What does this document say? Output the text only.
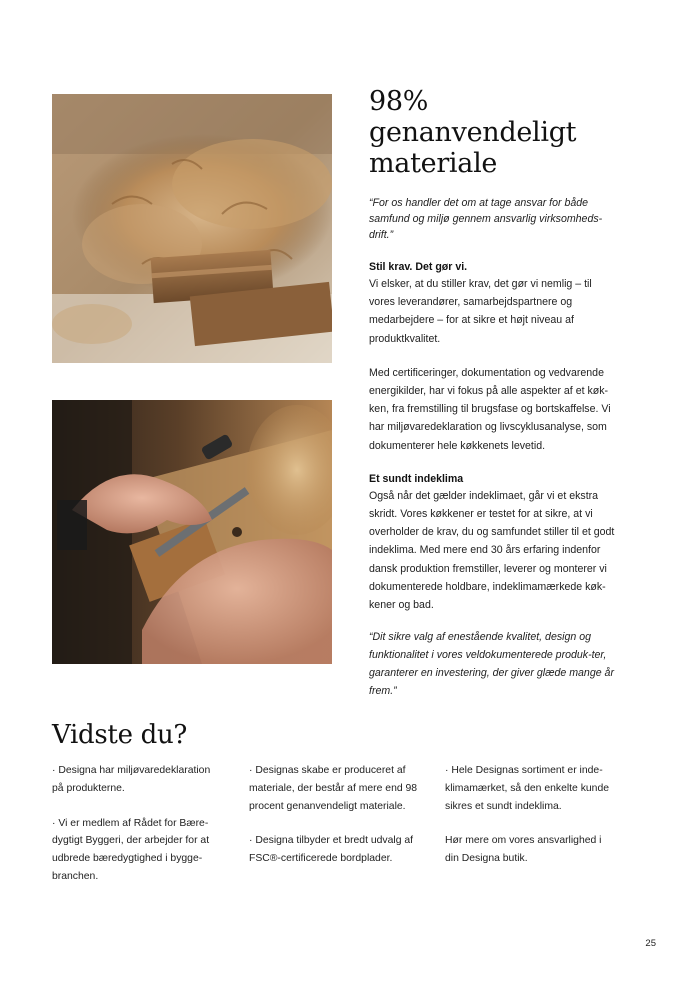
98% genanvendeligt materiale

“For os handler det om at tage ansvar for både samfund og miljø gennem ansvarlig virksomheds-drift.”

Stil krav. Det gør vi.

Vi elsker, at du stiller krav, det gør vi nemlig – til vores leverandører, samarbejdspartnere og medarbejdere – for at sikre et højt niveau af produktkvalitet.

Med certificeringer, dokumentation og vedvarende energikilder, har vi fokus på alle aspekter af et køk-ken, fra fremstilling til brugsfase og bortskaffelse. Vi har miljøvaredeklaration og livscyklusanalyse, som dokumenterer hele køkkenets levetid.

Et sundt indeklima

Også når det gælder indeklimaet, går vi et ekstra skridt. Vores køkkener er testet for at sikre, at vi overholder de krav, du og samfundet stiller til et godt indeklima. Med mere end 30 års erfaring indenfor dansk produktion fremstiller, leverer og monterer vi dokumenterede holdbare, indeklimamærkede køk-kener og bad.

“Dit sikre valg af enestående kvalitet, design og funktionalitet i vores veldokumenterede produk-ter, garanterer en investering, der giver glæde mange år frem.”

Vidste du?

· Designa har miljøvaredeklaration på produkterne.

· Vi er medlem af Rådet for Bære-dygtigt Byggeri, der arbejder for at udbrede bæredygtighed i bygge-branchen.

· Designas skabe er produceret af materiale, der består af mere end 98 procent genanvendeligt materiale.

· Designa tilbyder et bredt udvalg af FSC®-certificerede bordplader.

· Hele Designas sortiment er inde-klimamærket, så den enkelte kunde sikres et sundt indeklima.

Hør mere om vores ansvarlighed i din Designa butik.

25
